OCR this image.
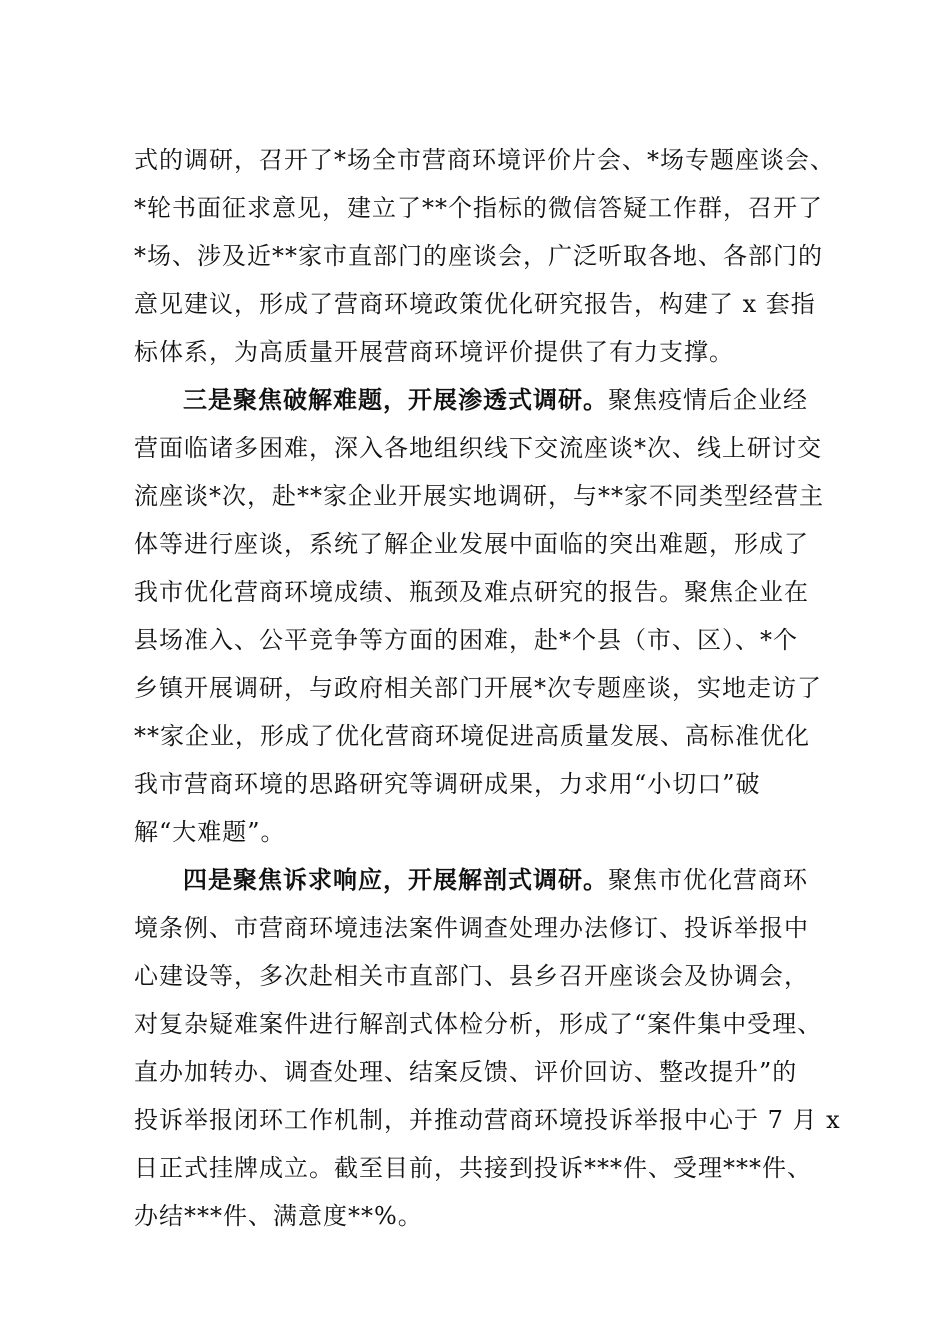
式的调研，召开了*场全市营商环境评价片会、*场专题座谈会、
*轮书面征求意见，建立了**个指标的微信答疑工作群，召开了
*场、涉及近**家市直部门的座谈会，广泛听取各地、各部门的
意见建议，形成了营商环境政策优化研究报告，构建了 x 套指
标体系，为高质量开展营商环境评价提供了有力支撑。
三是聚焦破解难题，开展渗透式调研。聚焦疫情后企业经
营面临诸多困难，深入各地组织线下交流座谈*次、线上研讨交
流座谈*次，赴**家企业开展实地调研，与**家不同类型经营主
体等进行座谈，系统了解企业发展中面临的突出难题，形成了
我市优化营商环境成绩、瓶颈及难点研究的报告。聚焦企业在
县场准入、公平竞争等方面的困难，赴*个县（市、区）、*个
乡镇开展调研，与政府相关部门开展*次专题座谈，实地走访了
**家企业，形成了优化营商环境促进高质量发展、高标准优化
我市营商环境的思路研究等调研成果，力求用“小切口”破
解“大难题”。
四是聚焦诉求响应，开展解剖式调研。聚焦市优化营商环
境条例、市营商环境违法案件调查处理办法修订、投诉举报中
心建设等，多次赴相关市直部门、县乡召开座谈会及协调会，
对复杂疑难案件进行解剖式体检分析，形成了“案件集中受理、
直办加转办、调查处理、结案反馈、评价回访、整改提升”的
投诉举报闭环工作机制，并推动营商环境投诉举报中心于 7 月 x
日正式挂牌成立。截至目前，共接到投诉***件、受理***件、
办结***件、满意度**%。
